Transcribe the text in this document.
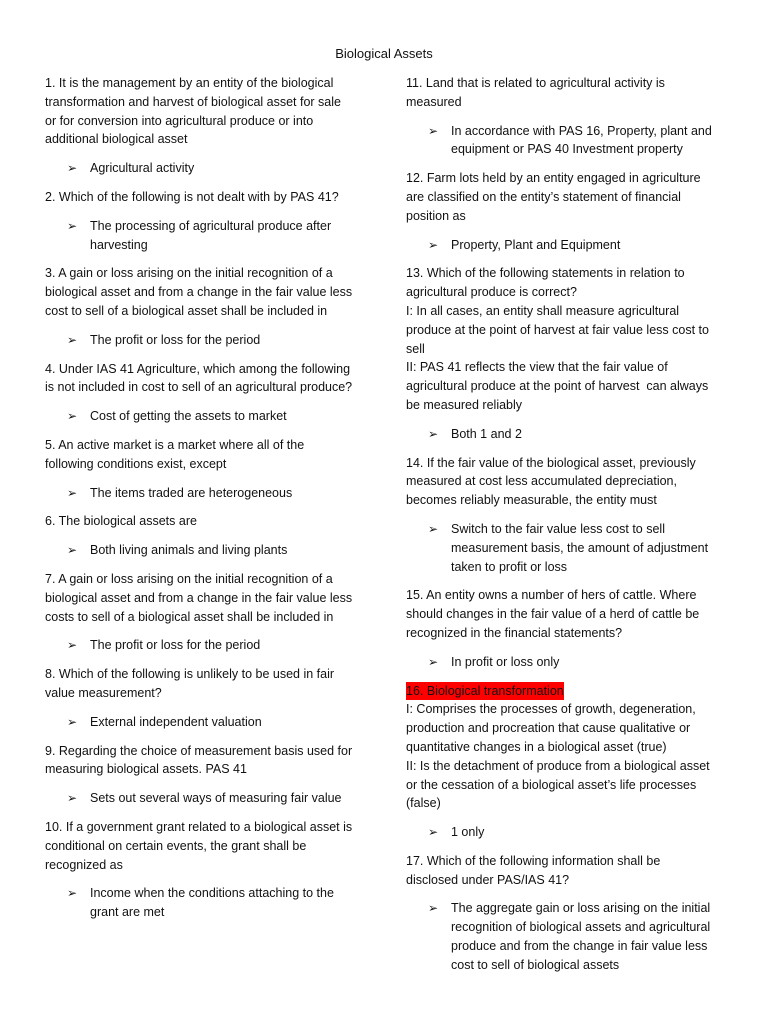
Biological Assets
1. It is the management by an entity of the biological
transformation and harvest of biological asset for sale
or for conversion into agricultural produce or into
additional biological asset
➢ Agricultural activity
2. Which of the following is not dealt with by PAS 41?
➢ The processing of agricultural produce after
harvesting
3. A gain or loss arising on the initial recognition of a
biological asset and from a change in the fair value less
cost to sell of a biological asset shall be included in
➢ The profit or loss for the period
4. Under IAS 41 Agriculture, which among the following
is not included in cost to sell of an agricultural produce?
➢ Cost of getting the assets to market
5. An active market is a market where all of the
following conditions exist, except
➢ The items traded are heterogeneous
6. The biological assets are
➢ Both living animals and living plants
7. A gain or loss arising on the initial recognition of a
biological asset and from a change in the fair value less
costs to sell of a biological asset shall be included in
➢ The profit or loss for the period
8. Which of the following is unlikely to be used in fair
value measurement?
➢ External independent valuation
9. Regarding the choice of measurement basis used for
measuring biological assets. PAS 41
➢ Sets out several ways of measuring fair value
10. If a government grant related to a biological asset is
conditional on certain events, the grant shall be
recognized as
➢ Income when the conditions attaching to the
grant are met
11. Land that is related to agricultural activity is
measured
➢ In accordance with PAS 16, Property, plant and
equipment or PAS 40 Investment property
12. Farm lots held by an entity engaged in agriculture
are classified on the entity’s statement of financial
position as
➢ Property, Plant and Equipment
13. Which of the following statements in relation to
agricultural produce is correct?
I: In all cases, an entity shall measure agricultural
produce at the point of harvest at fair value less cost to
sell
II: PAS 41 reflects the view that the fair value of
agricultural produce at the point of harvest  can always
be measured reliably
➢ Both 1 and 2
14. If the fair value of the biological asset, previously
measured at cost less accumulated depreciation,
becomes reliably measurable, the entity must
➢ Switch to the fair value less cost to sell
measurement basis, the amount of adjustment
taken to profit or loss
15. An entity owns a number of hers of cattle. Where
should changes in the fair value of a herd of cattle be
recognized in the financial statements?
➢ In profit or loss only
16. Biological transformation
I: Comprises the processes of growth, degeneration,
production and procreation that cause qualitative or
quantitative changes in a biological asset (true)
II: Is the detachment of produce from a biological asset
or the cessation of a biological asset’s life processes
(false)
➢ 1 only
17. Which of the following information shall be
disclosed under PAS/IAS 41?
➢ The aggregate gain or loss arising on the initial
recognition of biological assets and agricultural
produce and from the change in fair value less
cost to sell of biological assets
